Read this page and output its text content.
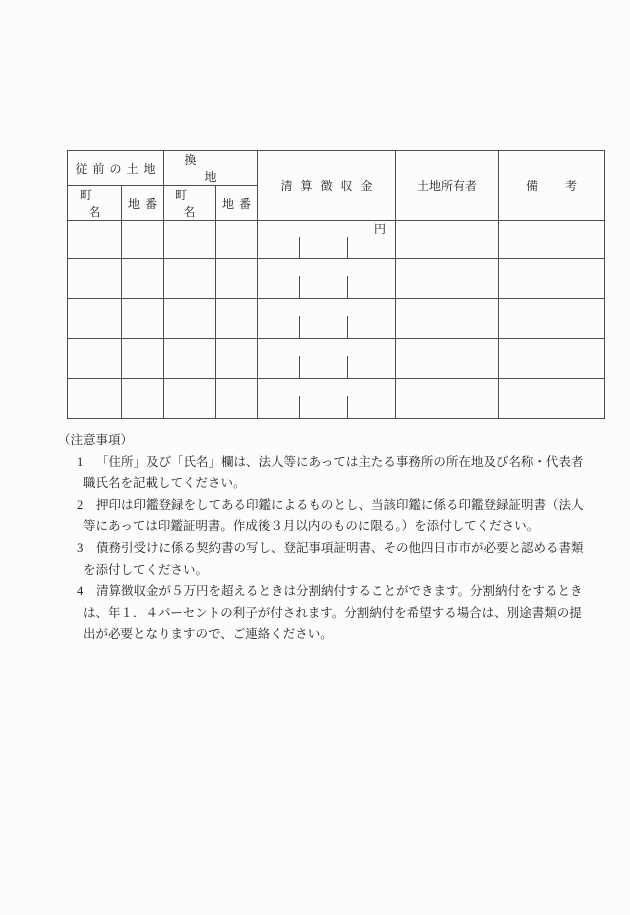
従前の土地		換地		清算徴収金	土地所有者	備考
町名	地番	町名	地番			

				円		

（注意事項）
1 「住所」及び「氏名」欄は、法人等にあっては主たる事務所の所在地及び名称・代表者
職氏名を記載してください。
2 押印は印鑑登録をしてある印鑑によるものとし、当該印鑑に係る印鑑登録証明書（法人
等にあっては印鑑証明書。作成後３月以内のものに限る。）を添付してください。
3 債務引受けに係る契約書の写し、登記事項証明書、その他四日市市が必要と認める書類
を添付してください。
4 清算徴収金が５万円を超えるときは分割納付することができます。分割納付をするとき
は、年１．４パーセントの利子が付されます。分割納付を希望する場合は、別途書類の提
出が必要となりますので、ご連絡ください。
